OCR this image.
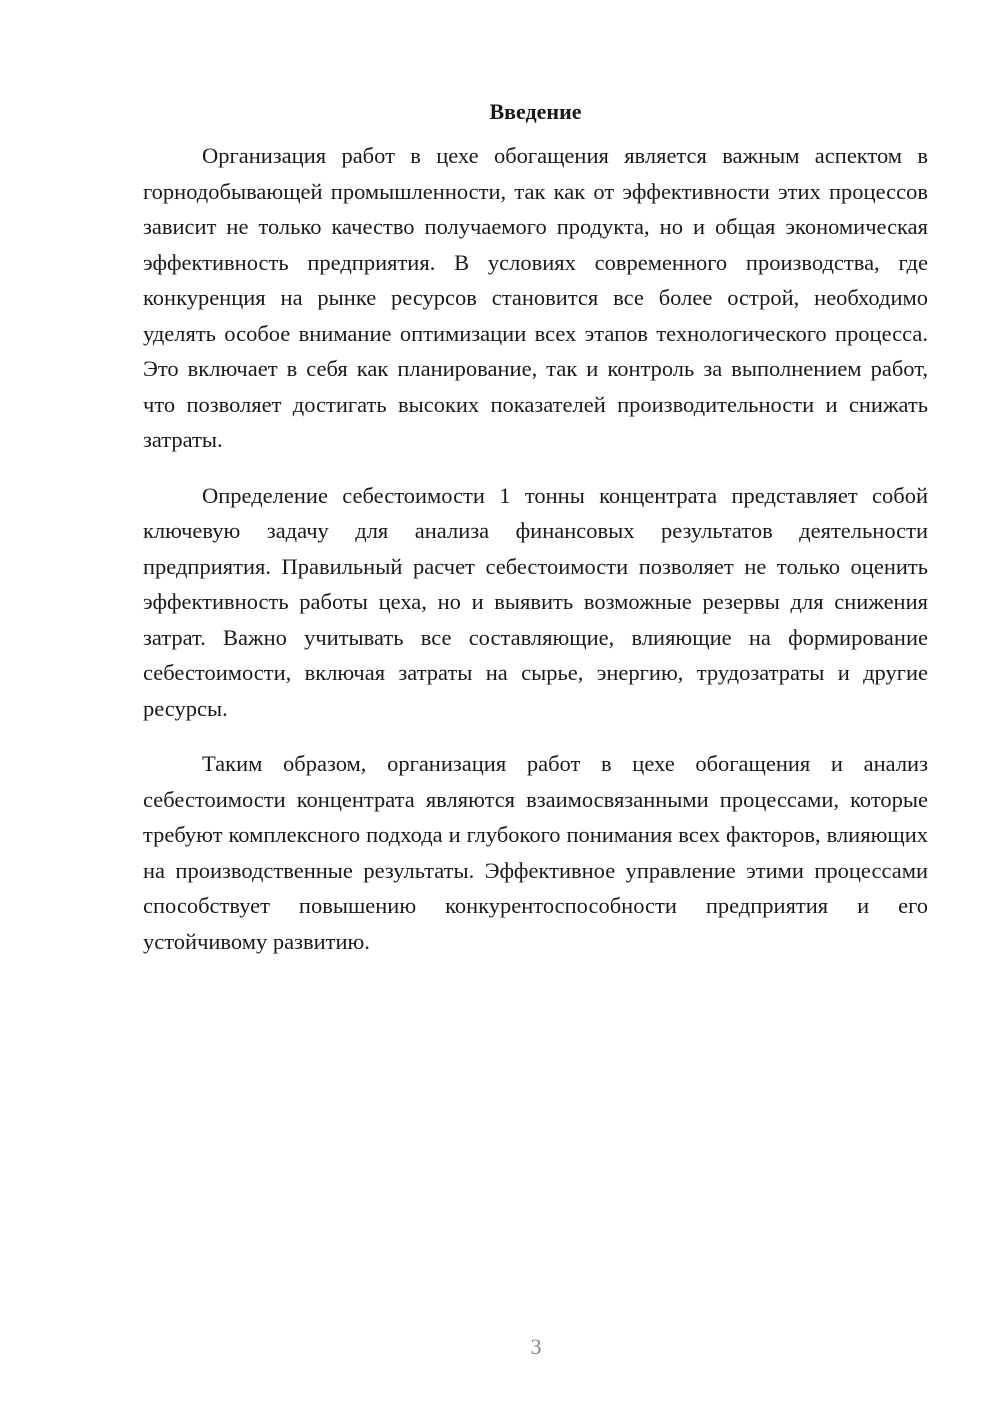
Введение

Организация работ в цехе обогащения является важным аспектом в горнодобывающей промышленности, так как от эффективности этих процессов зависит не только качество получаемого продукта, но и общая экономическая эффективность предприятия. В условиях современного производства, где конкуренция на рынке ресурсов становится все более острой, необходимо уделять особое внимание оптимизации всех этапов технологического процесса. Это включает в себя как планирование, так и контроль за выполнением работ, что позволяет достигать высоких показателей производительности и снижать затраты.

Определение себестоимости 1 тонны концентрата представляет собой ключевую задачу для анализа финансовых результатов деятельности предприятия. Правильный расчет себестоимости позволяет не только оценить эффективность работы цеха, но и выявить возможные резервы для снижения затрат. Важно учитывать все составляющие, влияющие на формирование себестоимости, включая затраты на сырье, энергию, трудозатраты и другие ресурсы.

Таким образом, организация работ в цехе обогащения и анализ себестоимости концентрата являются взаимосвязанными процессами, которые требуют комплексного подхода и глубокого понимания всех факторов, влияющих на производственные результаты. Эффективное управление этими процессами способствует повышению конкурентоспособности предприятия и его устойчивому развитию.

3
